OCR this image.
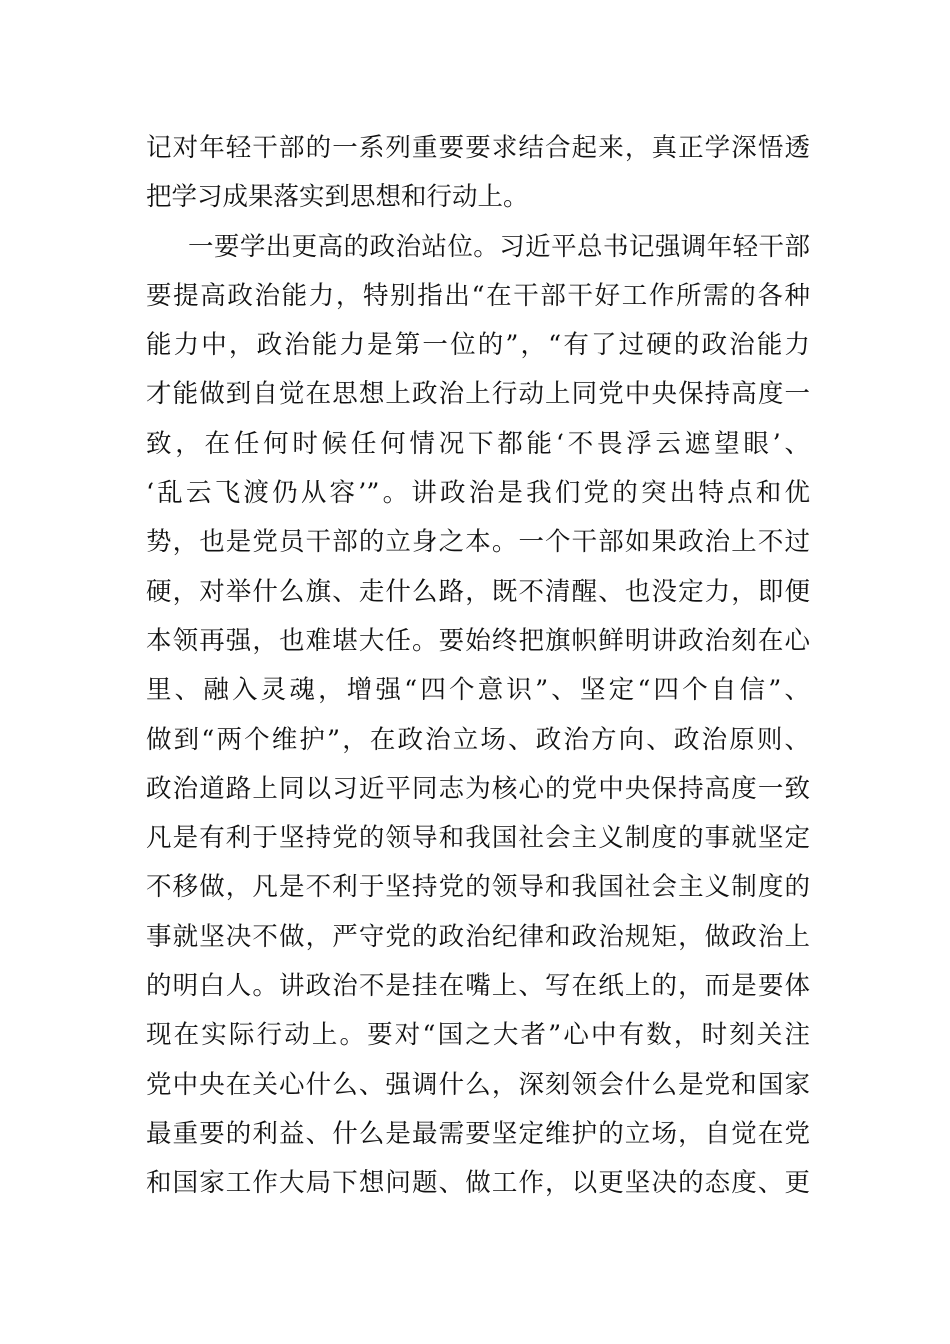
记对年轻干部的一系列重要要求结合起来，真正学深悟透
把学习成果落实到思想和行动上。
一要学出更高的政治站位。习近平总书记强调年轻干部
要提高政治能力，特别指出“在干部干好工作所需的各种
能力中，政治能力是第一位的”，“有了过硬的政治能力
才能做到自觉在思想上政治上行动上同党中央保持高度一
致，在任何时候任何情况下都能‘不畏浮云遮望眼’、
‘乱云飞渡仍从容’”。讲政治是我们党的突出特点和优
势，也是党员干部的立身之本。一个干部如果政治上不过
硬，对举什么旗、走什么路，既不清醒、也没定力，即便
本领再强，也难堪大任。要始终把旗帜鲜明讲政治刻在心
里、融入灵魂，增强“四个意识”、坚定“四个自信”、
做到“两个维护”，在政治立场、政治方向、政治原则、
政治道路上同以习近平同志为核心的党中央保持高度一致
凡是有利于坚持党的领导和我国社会主义制度的事就坚定
不移做，凡是不利于坚持党的领导和我国社会主义制度的
事就坚决不做，严守党的政治纪律和政治规矩，做政治上
的明白人。讲政治不是挂在嘴上、写在纸上的，而是要体
现在实际行动上。要对“国之大者”心中有数，时刻关注
党中央在关心什么、强调什么，深刻领会什么是党和国家
最重要的利益、什么是最需要坚定维护的立场，自觉在党
和国家工作大局下想问题、做工作，以更坚决的态度、更
